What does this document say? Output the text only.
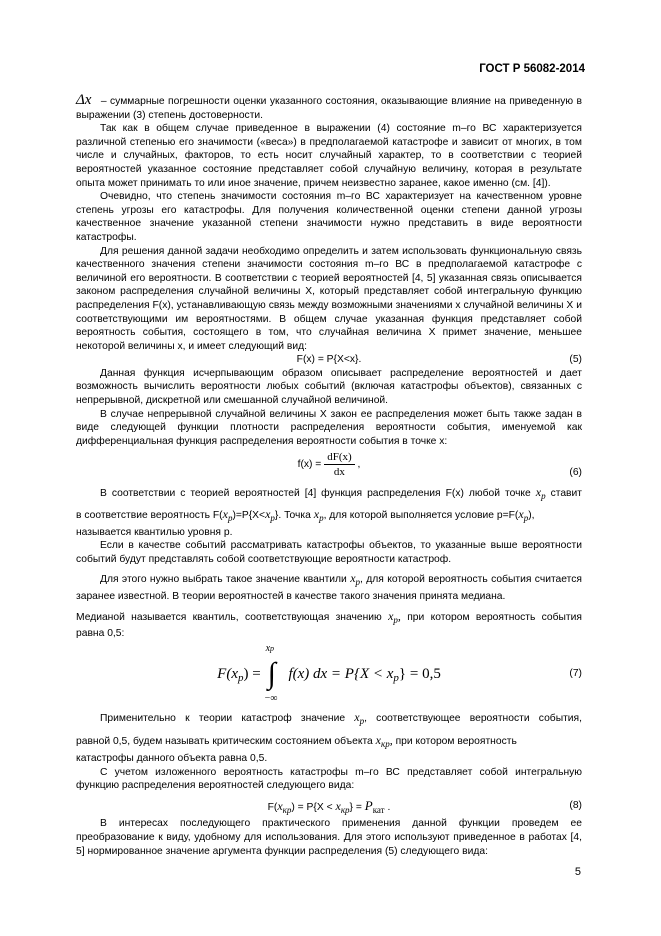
ГОСТ Р 56082-2014

Δx – суммарные погрешности оценки указанного состояния, оказывающие влияние на приведенную в выражении (3) степень достоверности.

Так как в общем случае приведенное в выражении (4) состояние m–го ВС характеризуется различной степенью его значимости («веса») в предполагаемой катастрофе и зависит от многих, в том числе и случайных, факторов, то есть носит случайный характер, то в соответствии с теорией вероятностей указанное состояние представляет собой случайную величину, которая в результате опыта может принимать то или иное значение, причем неизвестно заранее, какое именно (см. [4]).

Очевидно, что степень значимости состояния m–го ВС характеризует на качественном уровне степень угрозы его катастрофы. Для получения количественной оценки степени данной угрозы качественное значение указанной степени значимости нужно представить в виде вероятности катастрофы.

Для решения данной задачи необходимо определить и затем использовать функциональную связь качественного значения степени значимости состояния m–го ВС в предполагаемой катастрофе с величиной его вероятности. В соответствии с теорией вероятностей [4, 5] указанная связь описывается законом распределения случайной величины X, который представляет собой интегральную функцию распределения F(x), устанавливающую связь между возможными значениями x случайной величины X и соответствующими им вероятностями. В общем случае указанная функция представляет собой вероятность события, состоящего в том, что случайная величина X примет значение, меньшее некоторой величины x, и имеет следующий вид:

F(x) = P{X<x}.	(5)

Данная функция исчерпывающим образом описывает распределение вероятностей и дает возможность вычислить вероятности любых событий (включая катастрофы объектов), связанных с непрерывной, дискретной или смешанной случайной величиной.

В случае непрерывной случайной величины X закон ее распределения может быть также задан в виде следующей функции плотности распределения вероятности события, именуемой как дифференциальная функция распределения вероятности события в точке x:

$f(x) = \frac{dF(x)}{dx}$ ,
(6)

В соответствии с теорией вероятностей [4] функция распределения F(x) любой точке $x_p$ ставит

в соответствие вероятность $F(x_p)=P\{X<x_p\}$. Точка $x_p$, для которой выполняется условие $p=F(x_p)$,
называется квантилью уровня p.

Если в качестве событий рассматривать катастрофы объектов, то указанные выше вероятности событий будут представлять собой соответствующие вероятности катастроф.

Для этого нужно выбрать такое значение квантили $x_p$, для которой вероятность события считается заранее известной. В теории вероятностей в качестве такого значения принята медиана.

Медианой называется квантиль, соответствующая значению $x_p$, при котором вероятность события равна 0,5:

F(xp) =
xp
∫
−∞
f(x) dx = P{X < xp} = 0,5	(7)

Применительно к теории катастроф значение $x_p$, соответствующее вероятности события,

равной 0,5, будем называть критическим состоянием объекта $x_{кр}$, при котором вероятность
катастрофы данного объекта равна 0,5.

С учетом изложенного вероятность катастрофы m–го ВС представляет собой интегральную функцию распределения вероятностей следующего вида:

$F(x_{кр}) = P\{X < x_{кр}\}$ = Pкат .	(8)

В интересах последующего практического применения данной функции проведем ее преобразование к виду, удобному для использования. Для этого используют приведенное в работах [4, 5] нормированное значение аргумента функции распределения (5) следующего вида:

5
